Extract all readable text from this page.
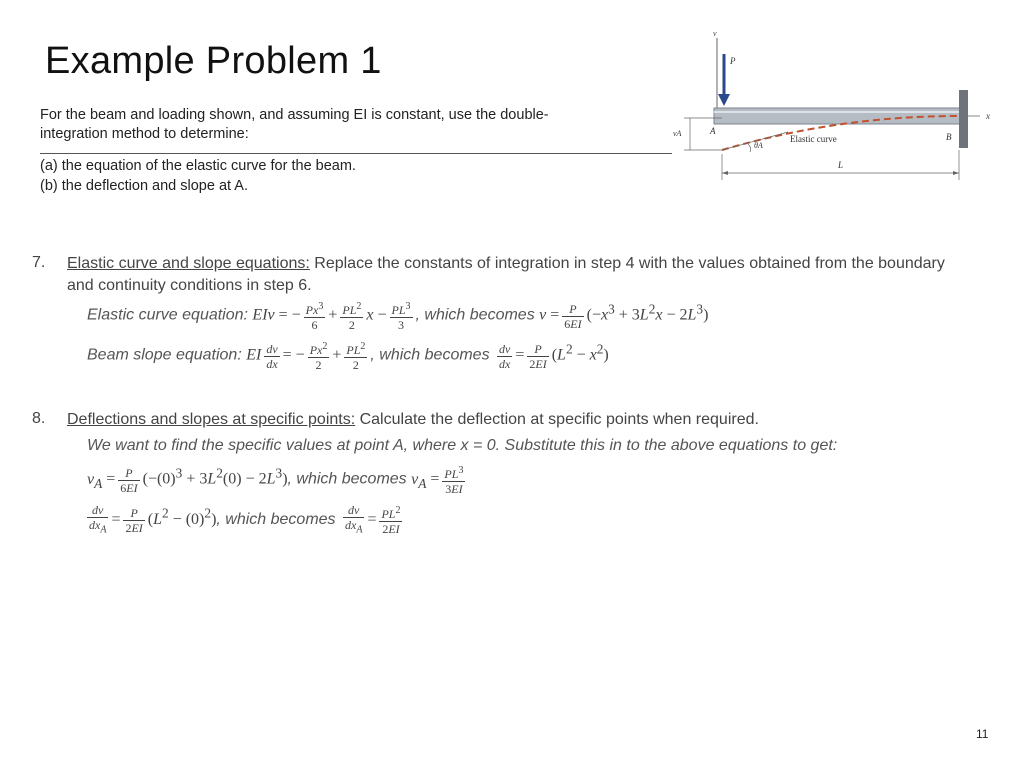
Example Problem 1
For the beam and loading shown, and assuming EI is constant, use the double-integration method to determine:
(a) the equation of the elastic curve for the beam.
(b) the deflection and slope at A.
v
P
x
vA	A
θA
Elastic curve	B
L
7. Elastic curve and slope equations: Replace the constants of integration in step 4 with the values obtained from the boundary and continuity conditions in step 6.
Elastic curve equation: EIv = − $\frac{Px^3}{6} + \frac{PL^2}{2}$ $x - \frac{PL^3}{3}$ , which becomes $v = \frac{P}{6EI} (-x^3 + 3L^2x - 2L^3)$
Beam slope equation: EI $\frac{dv}{dx}$ = − $\frac{Px^2}{2} + \frac{PL^2}{2}$ , which becomes $\frac{dv}{dx} = \frac{P}{2EI} (L^2 - x^2)$
8. Deflections and slopes at specific points: Calculate the deflection at specific points when required.
We want to find the specific values at point A, where x = 0. Substitute this in to the above equations to get:
$v_A = \frac{P}{6EI} (-(0)^3 + 3L^2(0) - 2L^3)$, which becomes $v_A = \frac{PL^3}{3EI}$
$\frac{dv}{dx_A} = \frac{P}{2EI} (L^2 - (0)^2)$, which becomes $\frac{dv}{dx_A} = \frac{PL^2}{2EI}$
11
